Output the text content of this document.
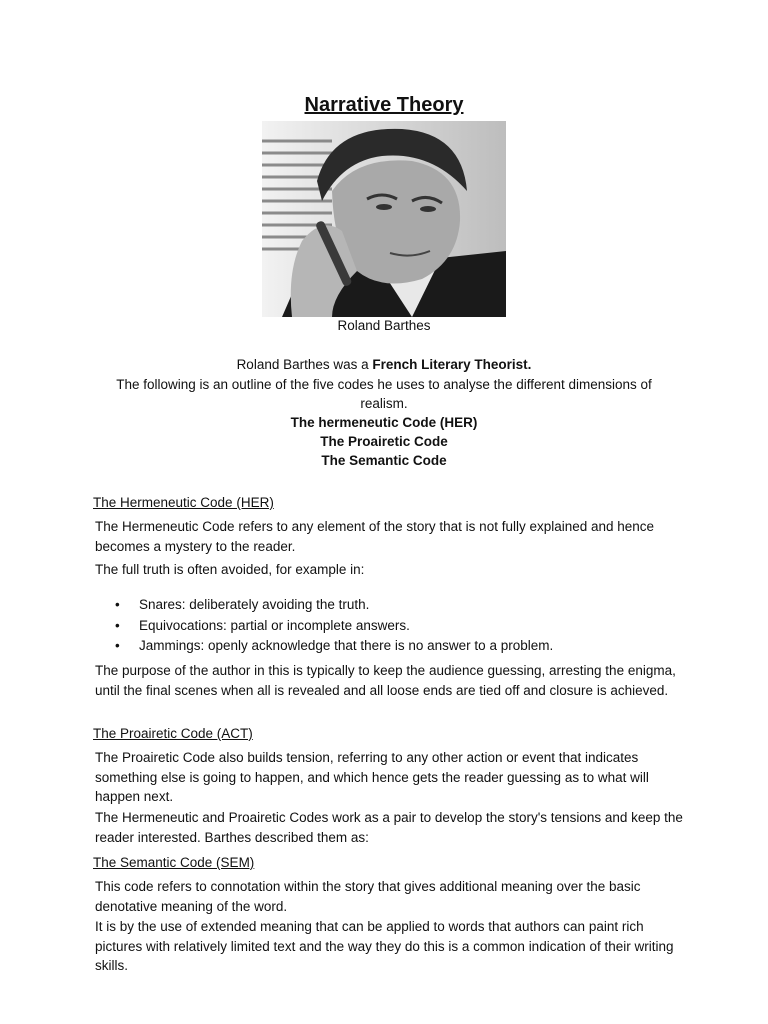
Narrative Theory
Roland Barthes
Roland Barthes was a French Literary Theorist.
The following is an outline of the five codes he uses to analyse the different dimensions of realism.
The hermeneutic Code (HER)
The Proairetic Code
The Semantic Code
The Hermeneutic Code (HER)
The Hermeneutic Code refers to any element of the story that is not fully explained and hence becomes a mystery to the reader.
The full truth is often avoided, for example in:
• Snares: deliberately avoiding the truth.
• Equivocations: partial or incomplete answers.
• Jammings: openly acknowledge that there is no answer to a problem.
The purpose of the author in this is typically to keep the audience guessing, arresting the enigma, until the final scenes when all is revealed and all loose ends are tied off and closure is achieved.
The Proairetic Code (ACT)
The Proairetic Code also builds tension, referring to any other action or event that indicates something else is going to happen, and which hence gets the reader guessing as to what will happen next.
The Hermeneutic and Proairetic Codes work as a pair to develop the story's tensions and keep the reader interested. Barthes described them as:
The Semantic Code (SEM)
This code refers to connotation within the story that gives additional meaning over the basic denotative meaning of the word.
It is by the use of extended meaning that can be applied to words that authors can paint rich pictures with relatively limited text and the way they do this is a common indication of their writing skills.
